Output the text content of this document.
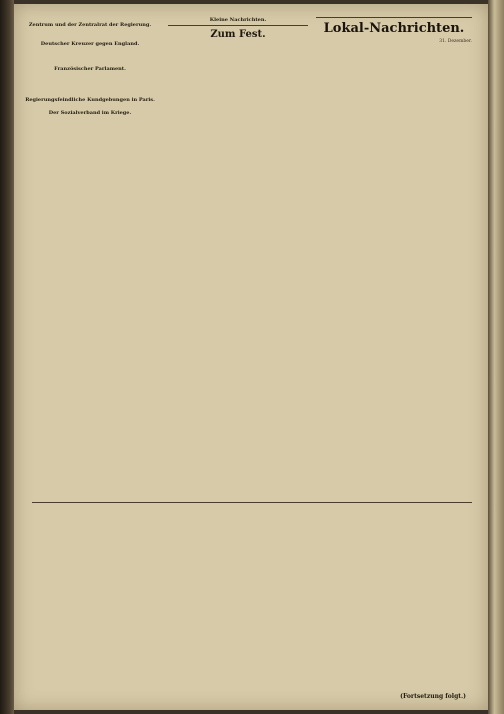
Zentrum und der Zentralrat der Regierung.

Deutscher Kreuzer gegen England.

Französischer Parlament.

Regierungsfeindliche Kundgebungen in Paris.

Der Sozialverband im Kriege.

Kleine Nachrichten.
Zum Fest.

	Lokal-Nachrichten.
31. Dezember.

(Fortsetzung folgt.)
